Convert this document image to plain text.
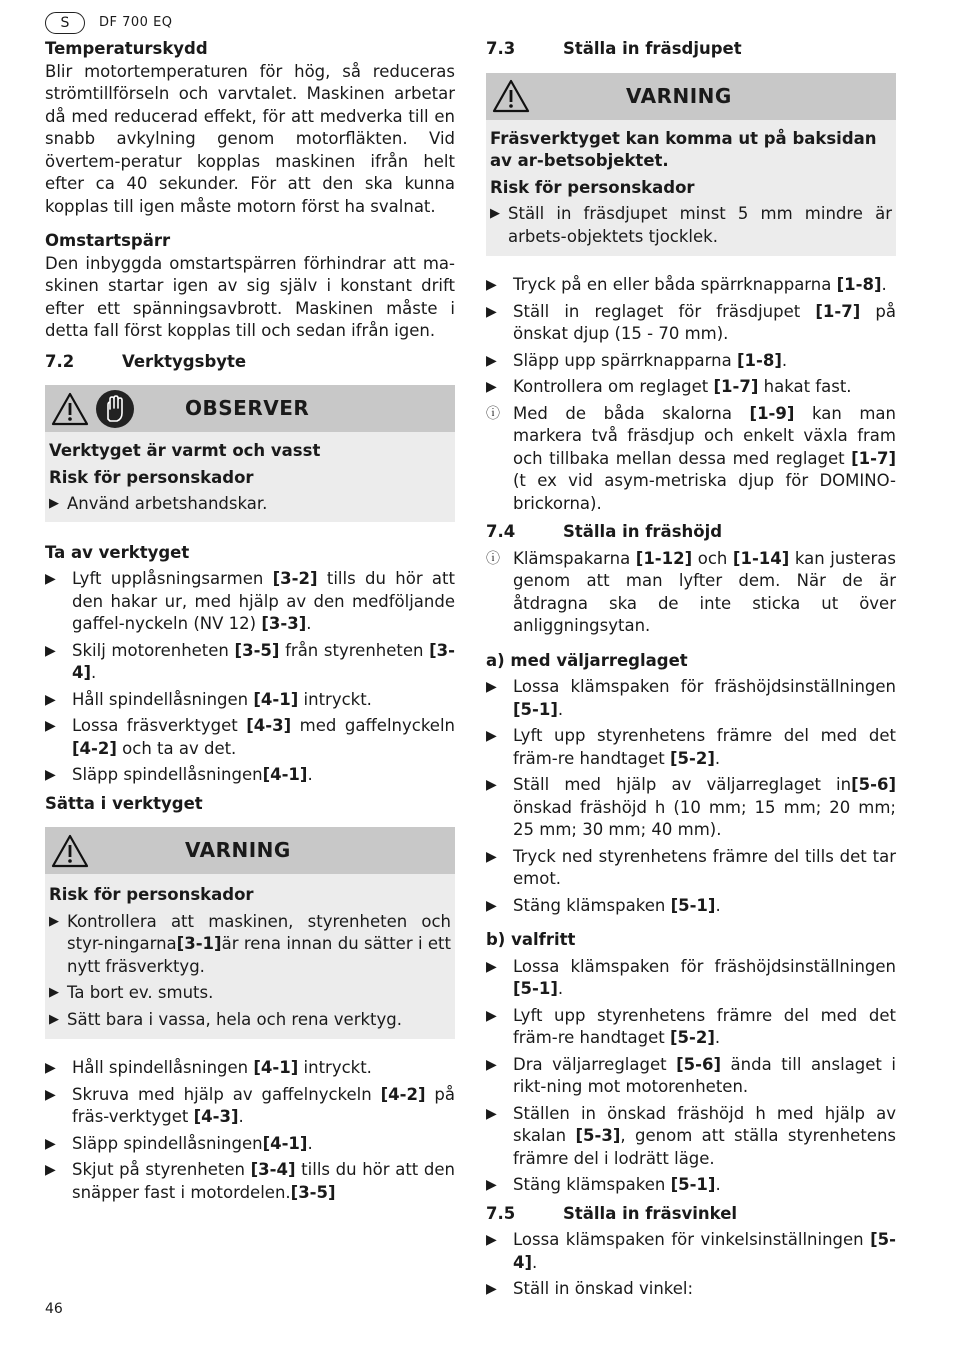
S	DF 700 EQ

Temperaturskydd

Blir motortemperaturen för hög, så reduceras strömtillförseln och varvtalet. Maskinen arbetar då med reducerad effekt, för att medverka till en snabb avkylning genom motorfläkten. Vid övertem-peratur kopplas maskinen ifrån helt efter ca 40 sekunder. För att den ska kunna kopplas till igen måste motorn först ha svalnat.

Omstartspärr

Den inbyggda omstartspärren förhindrar att ma-skinen startar igen av sig själv i konstant drift efter ett spänningsavbrott. Maskinen måste i detta fall först kopplas till och sedan ifrån igen.

7.2	Verktygsbyte
OBSERVER

Verktyget är varmt och vasst

Risk för personskador

▶ Använd arbetshandskar.

Ta av verktyget

▶ Lyft upplåsningsarmen [3-2] tills du hör att den hakar ur, med hjälp av den medföljande gaffel-nyckeln (NV 12) [3-3].
▶ Skilj motorenheten [3-5] från styrenheten [3-4].
▶ Håll spindellåsningen [4-1] intryckt.
▶ Lossa fräsverktyget [4-3] med gaffelnyckeln [4-2] och ta av det.
▶ Släpp spindellåsningen[4-1].

Sätta i verktyget

VARNING

Risk för personskador

▶ Kontrollera att maskinen, styrenheten och styr-ningarna[3-1]är rena innan du sätter i ett nytt fräsverktyg.
▶ Ta bort ev. smuts.
▶ Sätt bara i vassa, hela och rena verktyg.
▶ Håll spindellåsningen [4-1] intryckt.
▶ Skruva med hjälp av gaffelnyckeln [4-2] på fräs-verktyget [4-3].
▶ Släpp spindellåsningen[4-1].
▶ Skjut på styrenheten [3-4] tills du hör att den snäpper fast i motordelen.[3-5]
7.3	Ställa in fräsdjupet
VARNING

Fräsverktyget kan komma ut på baksidan av ar-betsobjektet.

Risk för personskador

▶ Ställ in fräsdjupet minst 5 mm mindre är arbets-objektets tjocklek.
▶ Tryck på en eller båda spärrknapparna [1-8].
▶ Ställ in reglaget för fräsdjupet [1-7] på önskat djup (15 - 70 mm).
▶ Släpp upp spärrknapparna [1-8].
▶ Kontrollera om reglaget [1-7] hakat fast.
ⓘ Med de båda skalorna [1-9] kan man markera två fräsdjup och enkelt växla fram och tillbaka mellan dessa med reglaget [1-7] (t ex vid asym-metriska djup för DOMINO-brickorna).
7.4	Ställa in fräshöjd
ⓘ Klämspakarna [1-12] och [1-14] kan justeras genom att man lyfter dem. När de är åtdragna ska de inte sticka ut över anliggningsytan.

a) med väljarreglaget

▶ Lossa klämspaken för fräshöjdsinställningen [5-1].
▶ Lyft upp styrenhetens främre del med det främ-re handtaget [5-2].
▶ Ställ med hjälp av väljarreglaget in[5-6] önskad fräshöjd h (10 mm; 15 mm; 20 mm; 25 mm; 30 mm; 40 mm).
▶ Tryck ned styrenhetens främre del tills det tar emot.
▶ Stäng klämspaken [5-1].

b) valfritt

▶ Lossa klämspaken för fräshöjdsinställningen [5-1].
▶ Lyft upp styrenhetens främre del med det främ-re handtaget [5-2].
▶ Dra väljarreglaget [5-6] ända till anslaget i rikt-ning mot motorenheten.
▶ Ställen in önskad fräshöjd h med hjälp av skalan [5-3], genom att ställa styrenhetens främre del i lodrätt läge.
▶ Stäng klämspaken [5-1].
7.5	Ställa in fräsvinkel
▶ Lossa klämspaken för vinkelsinställningen [5-4].
▶ Ställ in önskad vinkel:
46
